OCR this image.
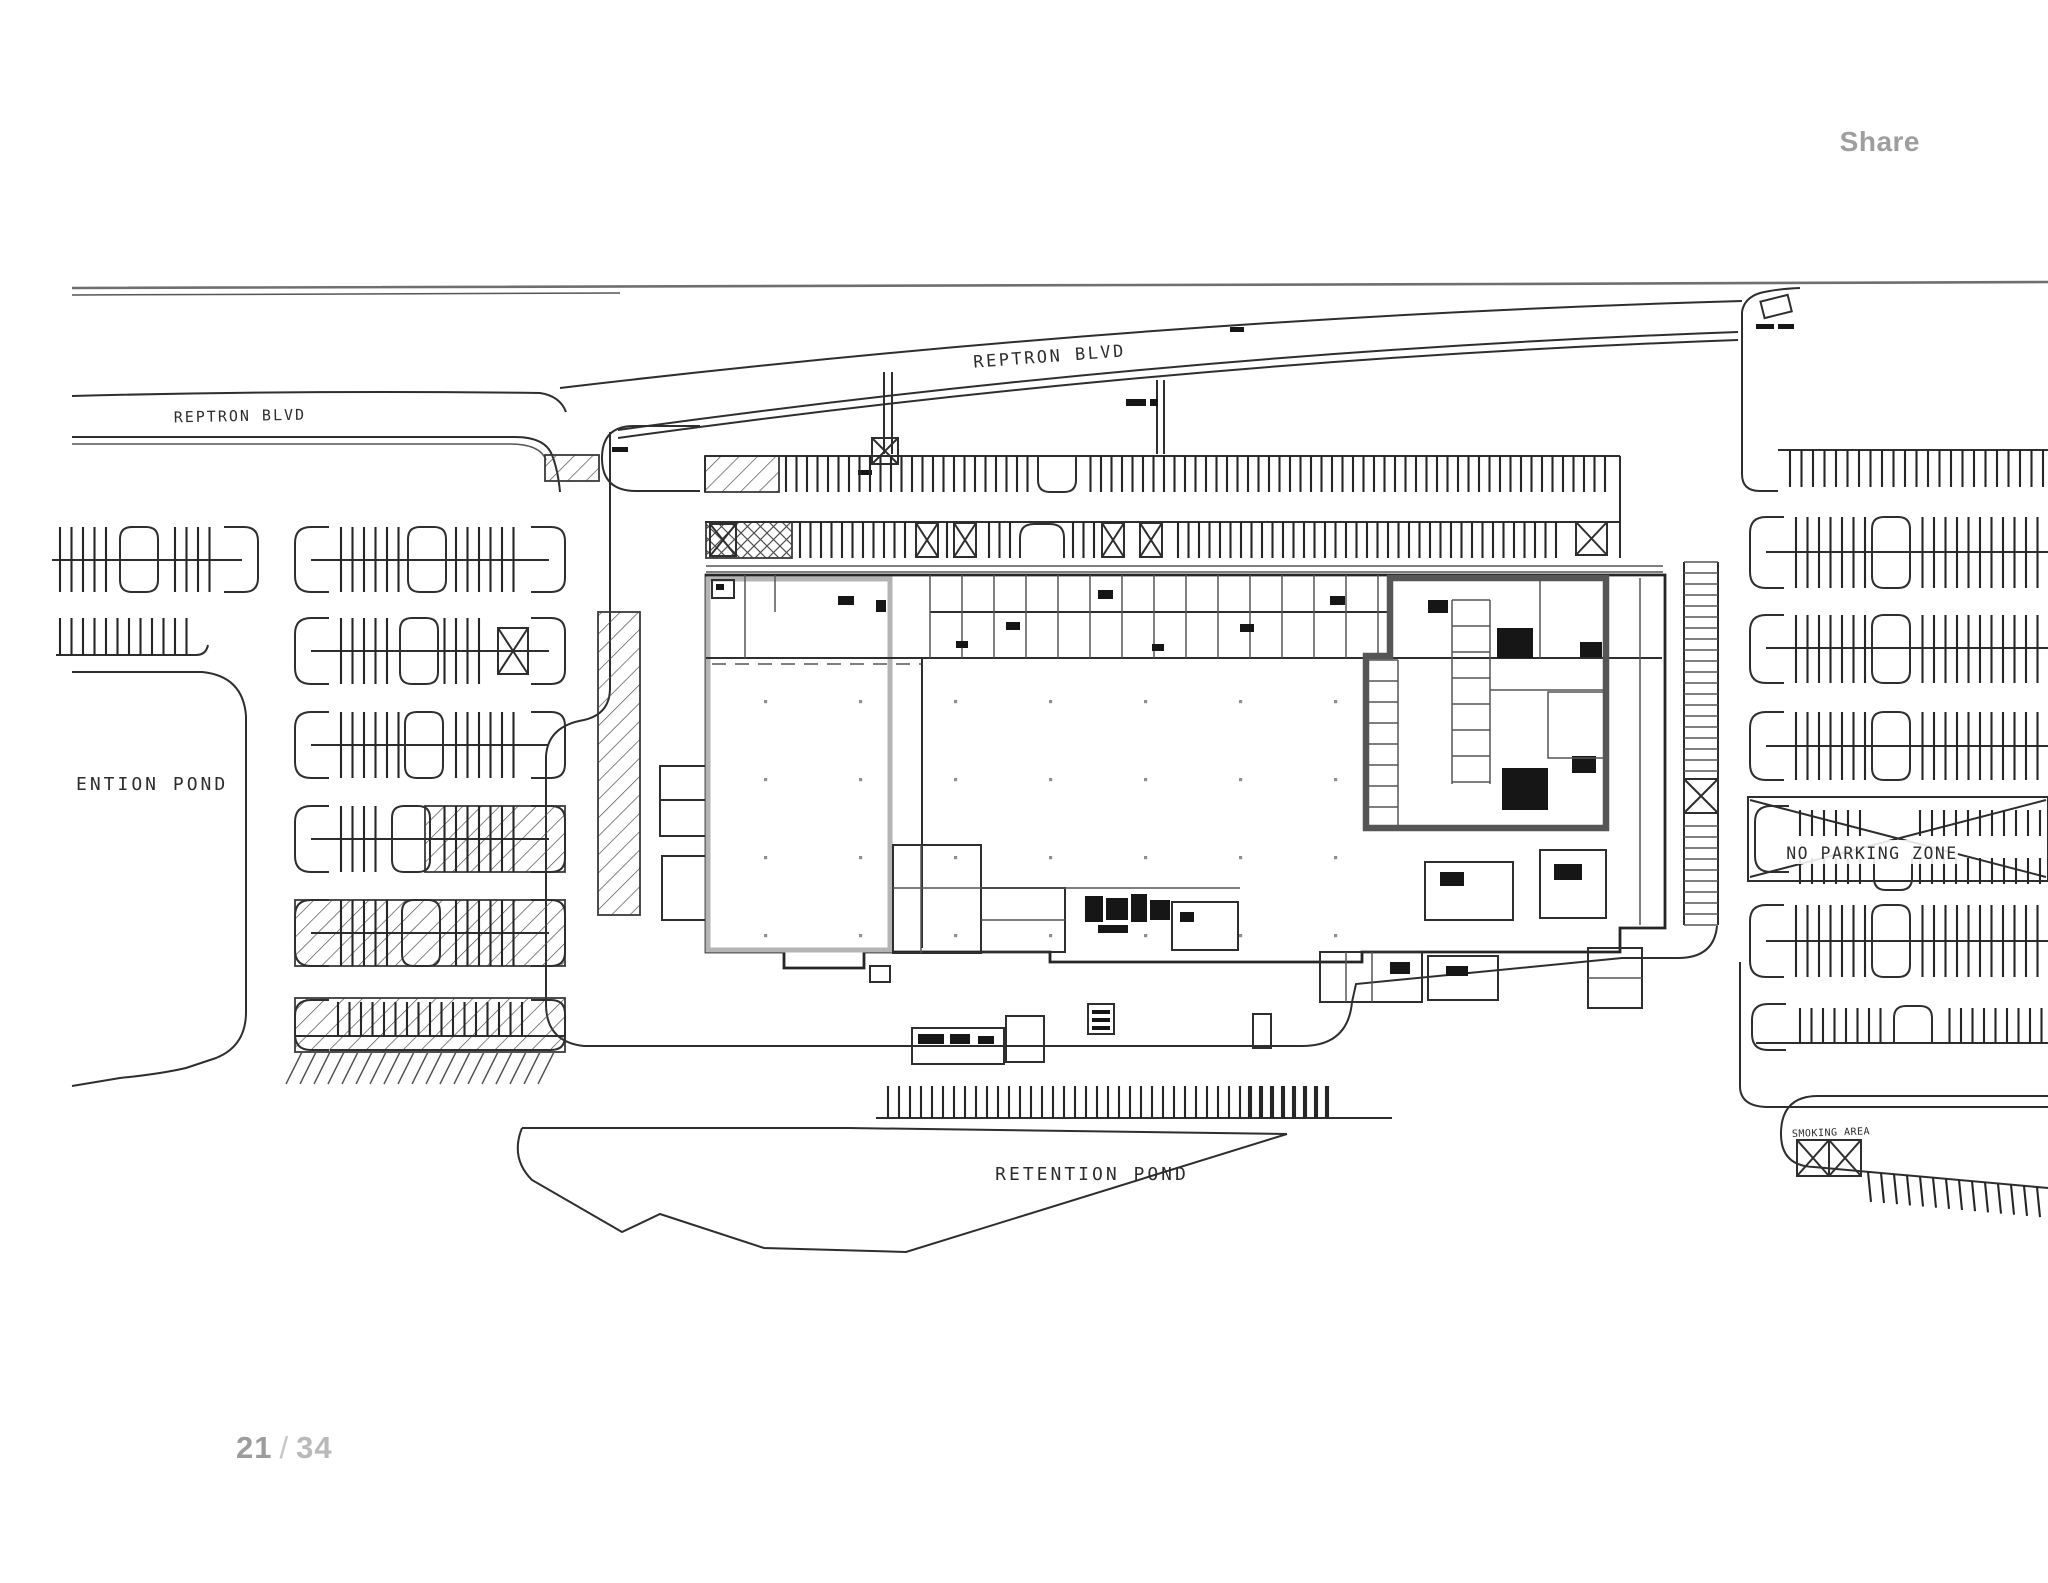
Share
REPTRON BLVD
REPTRON BLVD
ENTION POND
RETENTION POND
NO PARKING ZONE
SMOKING AREA
21 / 34
